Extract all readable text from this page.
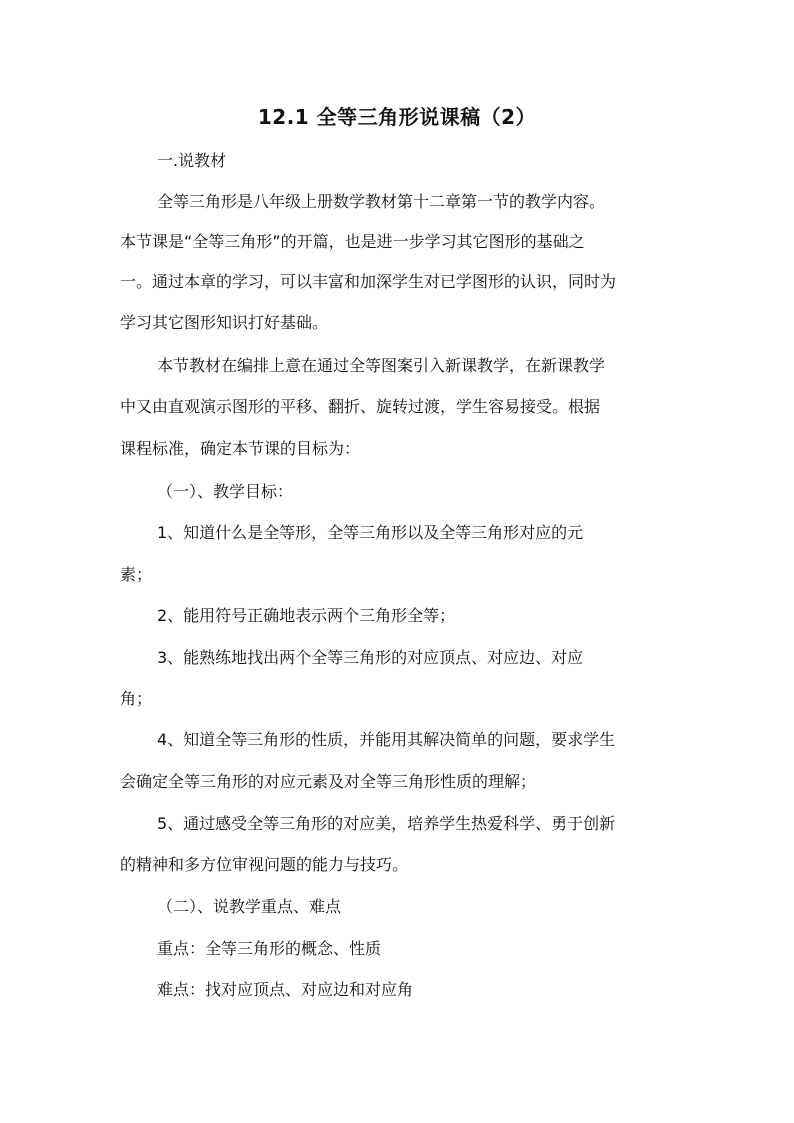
12.1 全等三角形说课稿（2）
一.说教材
全等三角形是八年级上册数学教材第十二章第一节的教学内容。
本节课是“全等三角形”的开篇，也是进一步学习其它图形的基础之
一。通过本章的学习，可以丰富和加深学生对已学图形的认识，同时为
学习其它图形知识打好基础。
本节教材在编排上意在通过全等图案引入新课教学，在新课教学
中又由直观演示图形的平移、翻折、旋转过渡，学生容易接受。根据
课程标准，确定本节课的目标为：
（一）、教学目标：
1、知道什么是全等形，全等三角形以及全等三角形对应的元
素；
2、能用符号正确地表示两个三角形全等；
3、能熟练地找出两个全等三角形的对应顶点、对应边、对应
角；
4、知道全等三角形的性质，并能用其解决简单的问题，要求学生
会确定全等三角形的对应元素及对全等三角形性质的理解；
5、通过感受全等三角形的对应美，培养学生热爱科学、勇于创新
的精神和多方位审视问题的能力与技巧。
（二）、说教学重点、难点
重点：全等三角形的概念、性质
难点：找对应顶点、对应边和对应角
